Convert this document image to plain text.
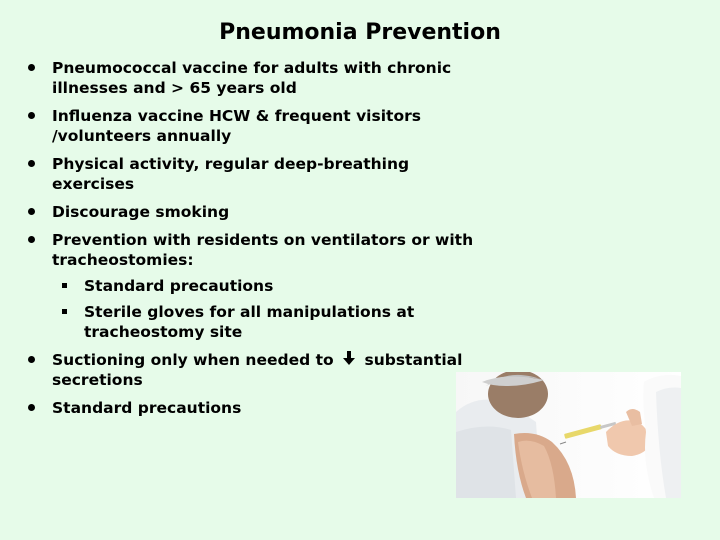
Pneumonia Prevention
Pneumococcal vaccine for adults with chronic illnesses and > 65 years old
Influenza vaccine HCW & frequent visitors /volunteers annually
Physical activity, regular deep-breathing exercises
Discourage smoking
Prevention with residents on ventilators or with tracheostomies:
Standard precautions
Sterile gloves for all manipulations at tracheostomy site
Suctioning only when needed to substantial secretions
Standard precautions
